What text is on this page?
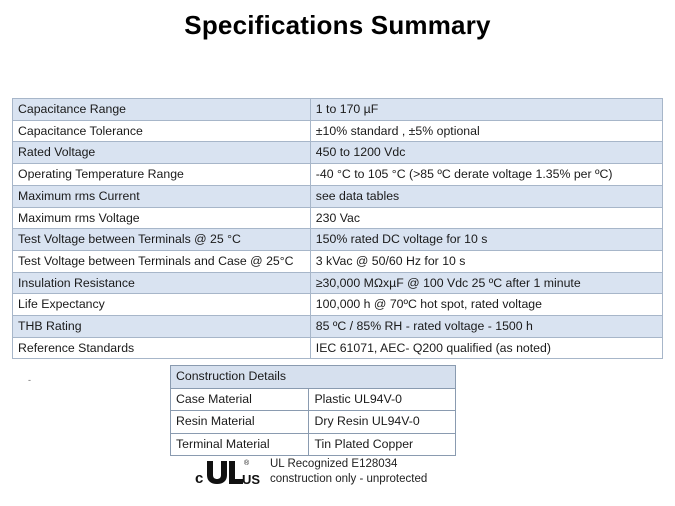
Specifications Summary
Capacitance Range	1 to 170 µF
Capacitance Tolerance	±10% standard , ±5% optional
Rated Voltage	450 to 1200 Vdc
Operating Temperature Range	-40 °C to 105 °C (>85 ºC derate voltage 1.35% per ºC)
Maximum rms Current	see data tables
Maximum rms Voltage	230 Vac
Test Voltage between Terminals @ 25 °C	150% rated DC voltage for 10 s
Test Voltage between Terminals and Case @ 25°C	3 kVac @ 50/60 Hz for 10 s
Insulation Resistance	≥30,000 MΩxµF @ 100 Vdc 25 ºC after 1 minute
Life Expectancy	100,000 h @ 70ºC hot spot, rated voltage
THB Rating	85 ºC / 85% RH - rated voltage - 1500 h
Reference Standards	IEC 61071, AEC- Q200 qualified (as noted)
-	Construction Details	
Case Material	Plastic UL94V-0
Resin Material	Dry Resin UL94V-0
Terminal Material	Tin Plated Copper
c	US
® UL Recognized E128034
construction only - unprotected
